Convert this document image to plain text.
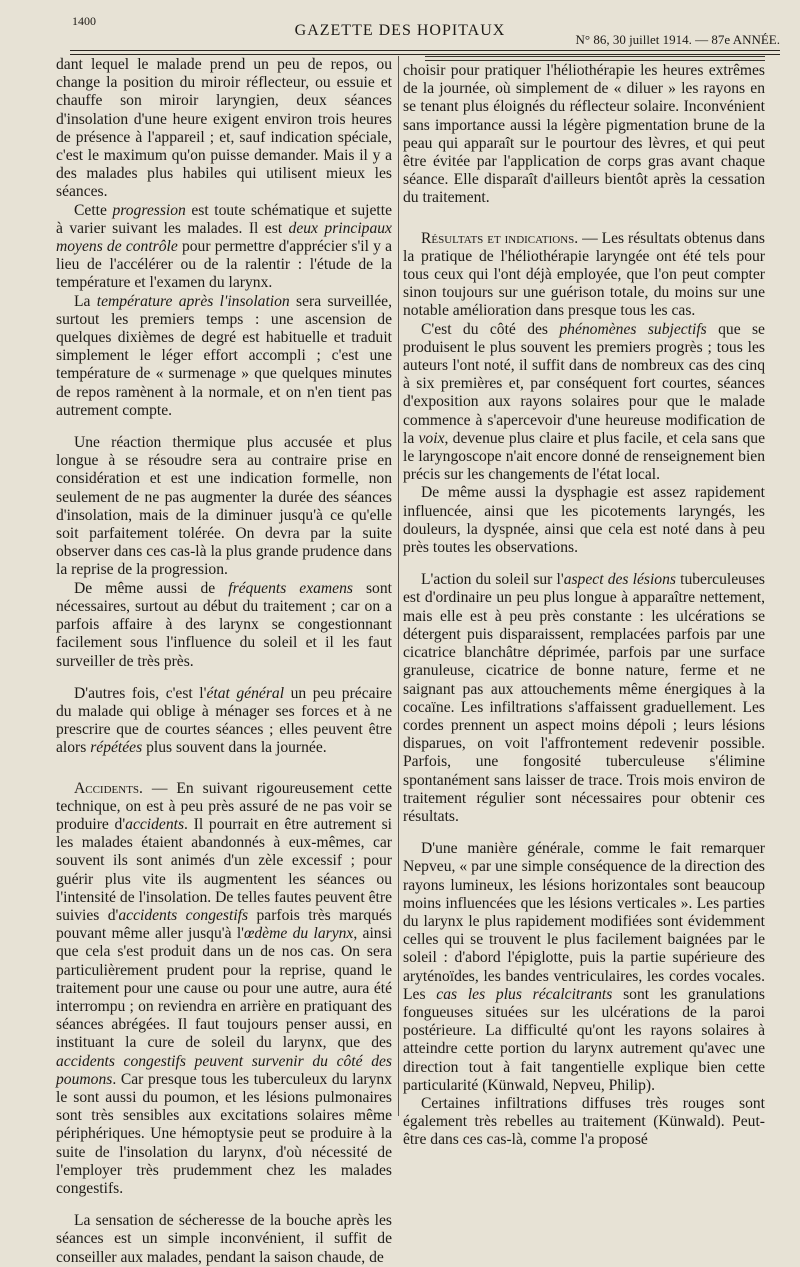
1400
GAZETTE DES HOPITAUX
N° 86, 30 juillet 1914. — 87e ANNÉE.

dant lequel le malade prend un peu de repos, ou change la position du miroir réflecteur, ou essuie et chauffe son miroir laryngien, deux séances d'insolation d'une heure exigent environ trois heures de présence à l'appareil ; et, sauf indication spéciale, c'est le maximum qu'on puisse demander. Mais il y a des malades plus habiles qui utilisent mieux les séances.

Cette progression est toute schématique et sujette à varier suivant les malades. Il est deux principaux moyens de contrôle pour permettre d'apprécier s'il y a lieu de l'accélérer ou de la ralentir : l'étude de la température et l'examen du larynx.

La température après l'insolation sera surveillée, surtout les premiers temps : une ascension de quelques dixièmes de degré est habituelle et traduit simplement le léger effort accompli ; c'est une température de « surmenage » que quelques minutes de repos ramènent à la normale, et on n'en tient pas autrement compte.

Une réaction thermique plus accusée et plus longue à se résoudre sera au contraire prise en considération et est une indication formelle, non seulement de ne pas augmenter la durée des séances d'insolation, mais de la diminuer jusqu'à ce qu'elle soit parfaitement tolérée. On devra par la suite observer dans ces cas-là la plus grande prudence dans la reprise de la progression.

De même aussi de fréquents examens sont nécessaires, surtout au début du traitement ; car on a parfois affaire à des larynx se congestionnant facilement sous l'influence du soleil et il les faut surveiller de très près.

D'autres fois, c'est l'état général un peu précaire du malade qui oblige à ménager ses forces et à ne prescrire que de courtes séances ; elles peuvent être alors répétées plus souvent dans la journée.

Accidents. — En suivant rigoureusement cette technique, on est à peu près assuré de ne pas voir se produire d'accidents. Il pourrait en être autrement si les malades étaient abandonnés à eux-mêmes, car souvent ils sont animés d'un zèle excessif ; pour guérir plus vite ils augmentent les séances ou l'intensité de l'insolation. De telles fautes peuvent être suivies d'accidents congestifs parfois très marqués pouvant même aller jusqu'à l'œdème du larynx, ainsi que cela s'est produit dans un de nos cas. On sera particulièrement prudent pour la reprise, quand le traitement pour une cause ou pour une autre, aura été interrompu ; on reviendra en arrière en pratiquant des séances abrégées. Il faut toujours penser aussi, en instituant la cure de soleil du larynx, que des accidents congestifs peuvent survenir du côté des poumons. Car presque tous les tuberculeux du larynx le sont aussi du poumon, et les lésions pulmonaires sont très sensibles aux excitations solaires même périphériques. Une hémoptysie peut se produire à la suite de l'insolation du larynx, d'où nécessité de l'employer très prudemment chez les malades congestifs.

La sensation de sécheresse de la bouche après les séances est un simple inconvénient, il suffit de conseiller aux malades, pendant la saison chaude, de

choisir pour pratiquer l'héliothérapie les heures extrêmes de la journée, où simplement de « diluer » les rayons en se tenant plus éloignés du réflecteur solaire. Inconvénient sans importance aussi la légère pigmentation brune de la peau qui apparaît sur le pourtour des lèvres, et qui peut être évitée par l'application de corps gras avant chaque séance. Elle disparaît d'ailleurs bientôt après la cessation du traitement.

Résultats et indications. — Les résultats obtenus dans la pratique de l'héliothérapie laryngée ont été tels pour tous ceux qui l'ont déjà employée, que l'on peut compter sinon toujours sur une guérison totale, du moins sur une notable amélioration dans presque tous les cas.

C'est du côté des phénomènes subjectifs que se produisent le plus souvent les premiers progrès ; tous les auteurs l'ont noté, il suffit dans de nombreux cas des cinq à six premières et, par conséquent fort courtes, séances d'exposition aux rayons solaires pour que le malade commence à s'apercevoir d'une heureuse modification de la voix, devenue plus claire et plus facile, et cela sans que le laryngoscope n'ait encore donné de renseignement bien précis sur les changements de l'état local.

De même aussi la dysphagie est assez rapidement influencée, ainsi que les picotements laryngés, les douleurs, la dyspnée, ainsi que cela est noté dans à peu près toutes les observations.

L'action du soleil sur l'aspect des lésions tuberculeuses est d'ordinaire un peu plus longue à apparaître nettement, mais elle est à peu près constante : les ulcérations se détergent puis disparaissent, remplacées parfois par une cicatrice blanchâtre déprimée, parfois par une surface granuleuse, cicatrice de bonne nature, ferme et ne saignant pas aux attouchements même énergiques à la cocaïne. Les infiltrations s'affaissent graduellement. Les cordes prennent un aspect moins dépoli ; leurs lésions disparues, on voit l'affrontement redevenir possible. Parfois, une fongosité tuberculeuse s'élimine spontanément sans laisser de trace. Trois mois environ de traitement régulier sont nécessaires pour obtenir ces résultats.

D'une manière générale, comme le fait remarquer Nepveu, « par une simple conséquence de la direction des rayons lumineux, les lésions horizontales sont beaucoup moins influencées que les lésions verticales ». Les parties du larynx le plus rapidement modifiées sont évidemment celles qui se trouvent le plus facilement baignées par le soleil : d'abord l'épiglotte, puis la partie supérieure des aryténoïdes, les bandes ventriculaires, les cordes vocales. Les cas les plus récalcitrants sont les granulations fongueuses situées sur les ulcérations de la paroi postérieure. La difficulté qu'ont les rayons solaires à atteindre cette portion du larynx autrement qu'avec une direction tout à fait tangentielle explique bien cette particularité (Künwald, Nepveu, Philip).

Certaines infiltrations diffuses très rouges sont également très rebelles au traitement (Künwald). Peut-être dans ces cas-là, comme l'a proposé
